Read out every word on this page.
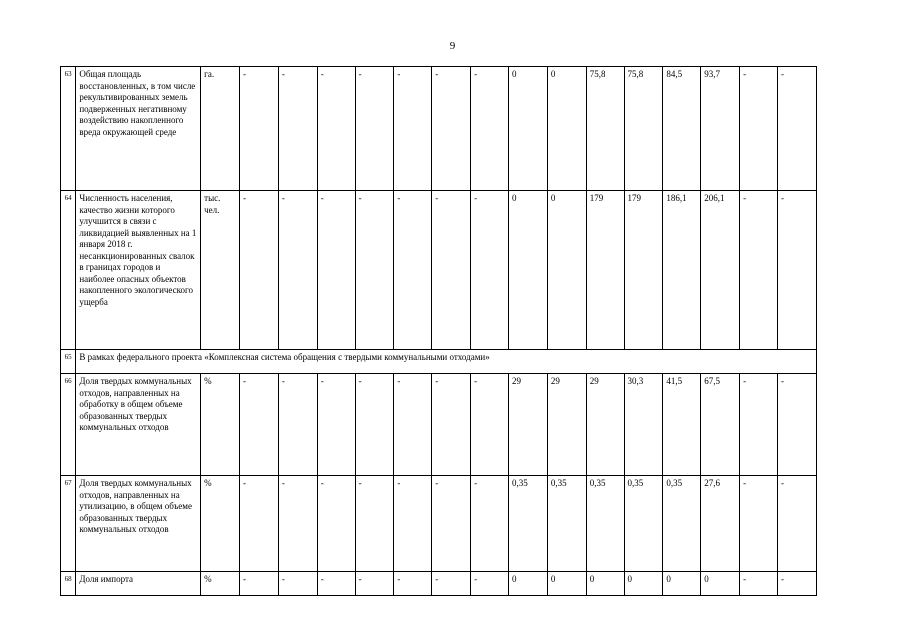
9
63	Общая площадь восстановленных, в том числе рекультивированных земель подверженных негативному воздействию накопленного вреда окружающей среде	га.	-	-	-	-	-	-	-	0	0	75,8	75,8	84,5	93,7	-	-
64	Численность населения, качество жизни которого улучшится в связи с ликвидацией выявленных на 1 января 2018 г. несанкционированных свалок в границах городов и наиболее опасных объектов накопленного экологического ущерба	тыс. чел.	-	-	-	-	-	-	-	0	0	179	179	186,1	206,1	-	-
65	В рамках федерального проекта «Комплексная система обращения с твердыми коммунальными отходами»																
66	Доля твердых коммунальных отходов, направленных на обработку в общем объеме образованных твердых коммунальных отходов	%	-	-	-	-	-	-	-	29	29	29	30,3	41,5	67,5	-	-
67	Доля твердых коммунальных отходов, направленных на утилизацию, в общем объеме образованных твердых коммунальных отходов	%	-	-	-	-	-	-	-	0,35	0,35	0,35	0,35	0,35	27,6	-	-
68	Доля импорта	%	-	-	-	-	-	-	-	0	0	0	0	0	0	-	-
